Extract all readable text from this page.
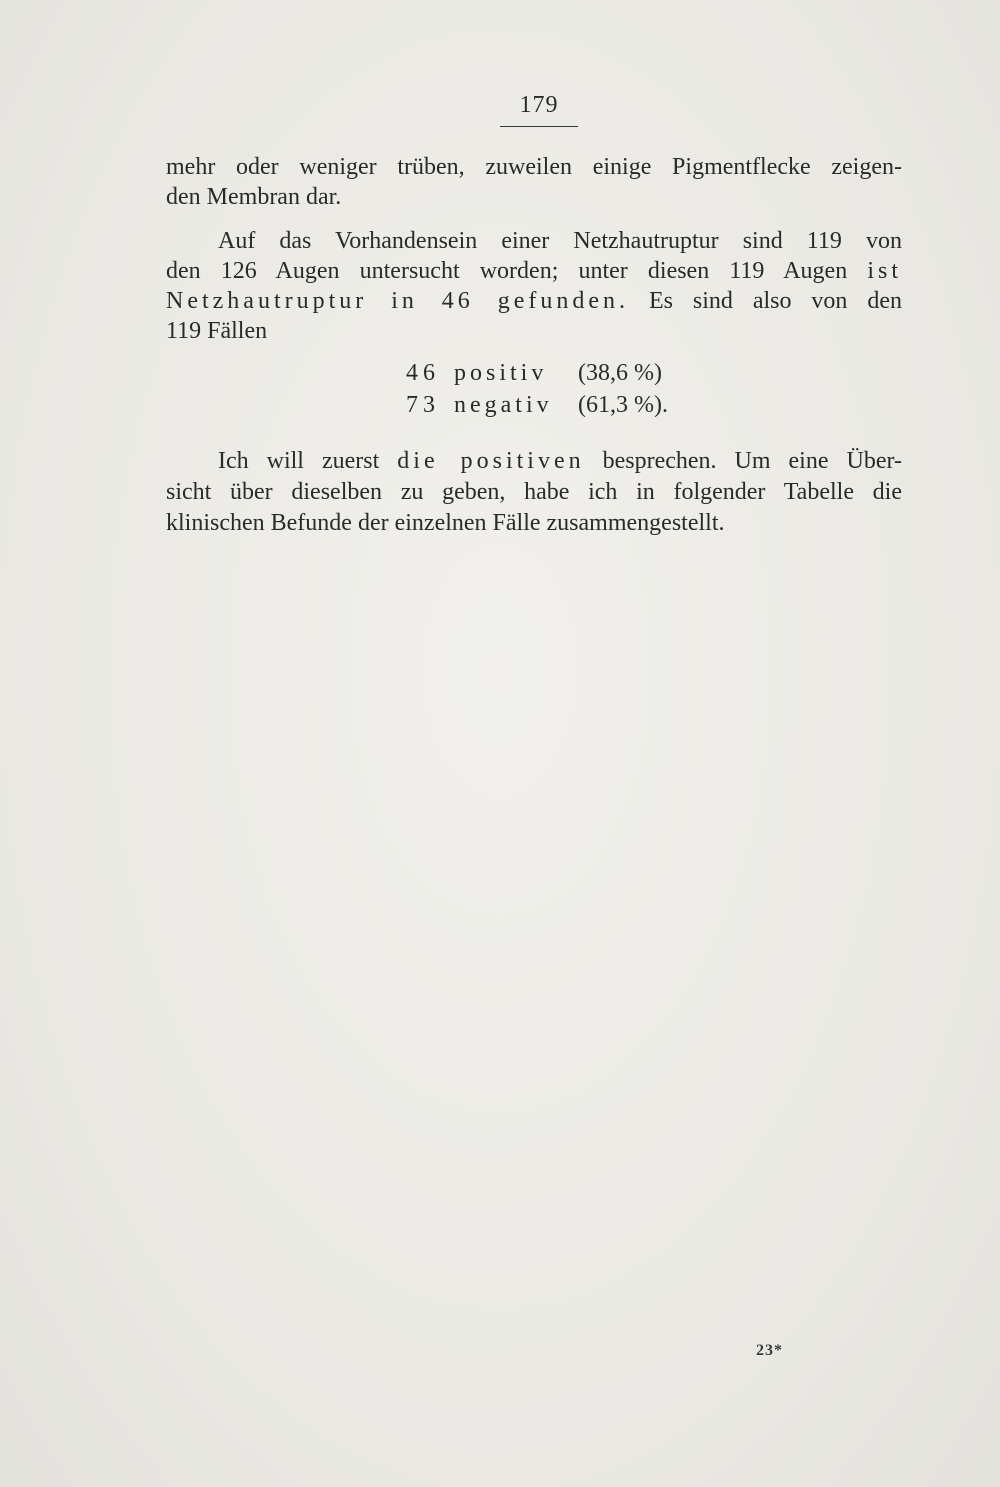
179
mehr oder weniger trüben, zuweilen einige Pigmentflecke zeigen-
den Membran dar.
Auf das Vorhandensein einer Netzhautruptur sind 119 von
den 126 Augen untersucht worden; unter diesen 119 Augen ist
Netzhautruptur in 46 gefunden. Es sind also von den
119 Fällen
46 positiv (38,6 %)
73 negativ (61,3 %).
Ich will zuerst die positiven besprechen. Um eine Über-
sicht über dieselben zu geben, habe ich in folgender Tabelle die
klinischen Befunde der einzelnen Fälle zusammengestellt.
23*
